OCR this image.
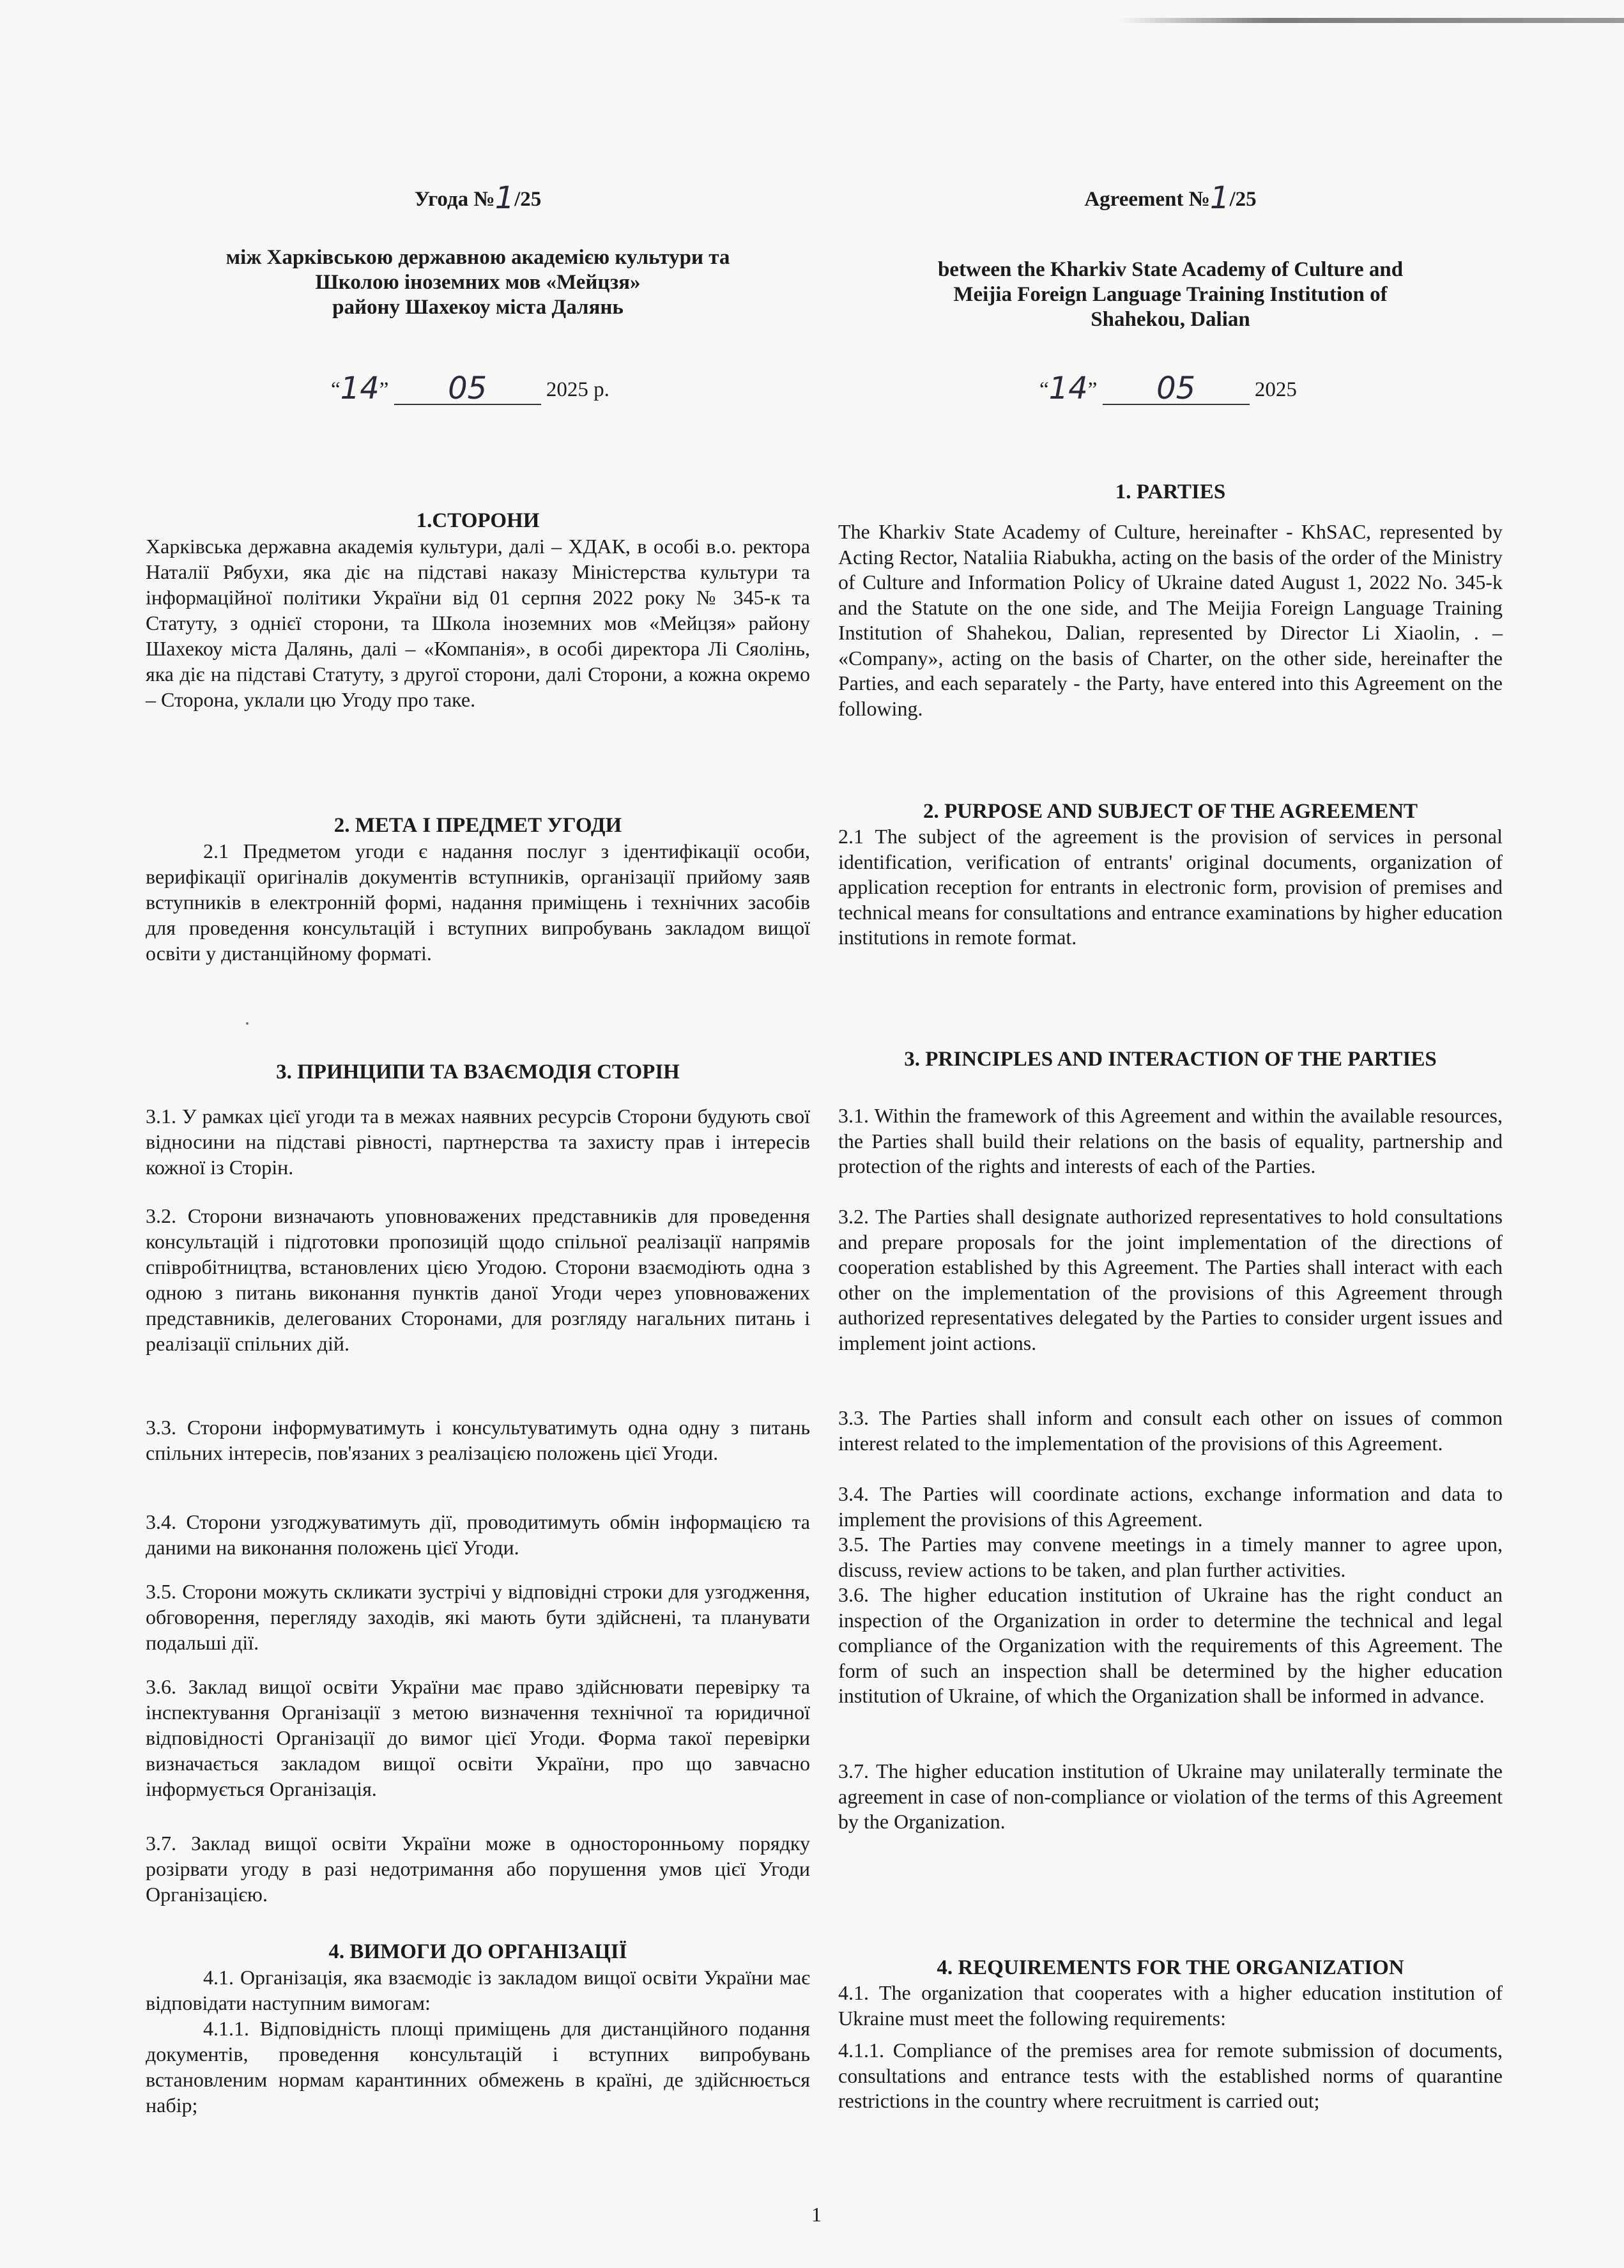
Угода №1/25
між Харківською державною академією культури та
Школою іноземних мов «Мейцзя»
району Шахекоу міста Далянь
“14” 05	2025 р.
1.СТОРОНИ

Харківська державна академія культури, далі – ХДАК, в особі в.о. ректора Наталії Рябухи, яка діє на підставі наказу Міністерства культури та інформаційної політики України від 01 серпня 2022 року № 345-к та Статуту, з однієї сторони, та Школа іноземних мов «Мейцзя» району Шахекоу міста Далянь, далі – «Компанія», в особі директора Лі Сяолінь, яка діє на підставі Статуту, з другої сторони, далі Сторони, а кожна окремо – Сторона, уклали цю Угоду про таке.

2. МЕТА І ПРЕДМЕТ УГОДИ

2.1 Предметом угоди є надання послуг з ідентифікації особи, верифікації оригіналів документів вступників, організації прийому заяв вступників в електронній формі, надання приміщень і технічних засобів для проведення консультацій і вступних випробувань закладом вищої освіти у дистанційному форматі.

3. ПРИНЦИПИ ТА ВЗАЄМОДІЯ СТОРІН

3.1. У рамках цієї угоди та в межах наявних ресурсів Сторони будують свої відносини на підставі рівності, партнерства та захисту прав і інтересів кожної із Сторін.

3.2. Сторони визначають уповноважених представників для проведення консультацій і підготовки пропозицій щодо спільної реалізації напрямів співробітництва, встановлених цією Угодою. Сторони взаємодіють одна з одною з питань виконання пунктів даної Угоди через уповноважених представників, делегованих Сторонами, для розгляду нагальних питань і реалізації спільних дій.

3.3. Сторони інформуватимуть і консультуватимуть одна одну з питань спільних інтересів, пов'язаних з реалізацією положень цієї Угоди.

3.4. Сторони узгоджуватимуть дії, проводитимуть обмін інформацією та даними на виконання положень цієї Угоди.

3.5. Сторони можуть скликати зустрічі у відповідні строки для узгодження, обговорення, перегляду заходів, які мають бути здійснені, та планувати подальші дії.

3.6. Заклад вищої освіти України має право здійснювати перевірку та інспектування Організації з метою визначення технічної та юридичної відповідності Організації до вимог цієї Угоди. Форма такої перевірки визначається закладом вищої освіти України, про що завчасно інформується Організація.

3.7. Заклад вищої освіти України може в односторонньому порядку розірвати угоду в разі недотримання або порушення умов цієї Угоди Організацією.

4. ВИМОГИ ДО ОРГАНІЗАЦІЇ

4.1. Організація, яка взаємодіє із закладом вищої освіти України має відповідати наступним вимогам:

4.1.1. Відповідність площі приміщень для дистанційного подання документів, проведення консультацій і вступних випробувань встановленим нормам карантинних обмежень в країні, де здійснюється набір;

Agreement №1/25
between the Kharkiv State Academy of Culture and
Meijia Foreign Language Training Institution of
Shahekou, Dalian
“14” 05	2025
1. PARTIES

The Kharkiv State Academy of Culture, hereinafter - KhSAC, represented by Acting Rector, Nataliia Riabukha, acting on the basis of the order of the Ministry of Culture and Information Policy of Ukraine dated August 1, 2022 No. 345-k and the Statute on the one side, and The Meijia Foreign Language Training Institution of Shahekou, Dalian, represented by Director Li Xiaolin, . – «Company», acting on the basis of Charter, on the other side, hereinafter the Parties, and each separately - the Party, have entered into this Agreement on the following.

2. PURPOSE AND SUBJECT OF THE AGREEMENT

2.1 The subject of the agreement is the provision of services in personal identification, verification of entrants' original documents, organization of application reception for entrants in electronic form, provision of premises and technical means for consultations and entrance examinations by higher education institutions in remote format.

3. PRINCIPLES AND INTERACTION OF THE PARTIES

3.1. Within the framework of this Agreement and within the available resources, the Parties shall build their relations on the basis of equality, partnership and protection of the rights and interests of each of the Parties.

3.2. The Parties shall designate authorized representatives to hold consultations and prepare proposals for the joint implementation of the directions of cooperation established by this Agreement. The Parties shall interact with each other on the implementation of the provisions of this Agreement through authorized representatives delegated by the Parties to consider urgent issues and implement joint actions.

3.3. The Parties shall inform and consult each other on issues of common interest related to the implementation of the provisions of this Agreement.

3.4. The Parties will coordinate actions, exchange information and data to implement the provisions of this Agreement.

3.5. The Parties may convene meetings in a timely manner to agree upon, discuss, review actions to be taken, and plan further activities.

3.6. The higher education institution of Ukraine has the right conduct an inspection of the Organization in order to determine the technical and legal compliance of the Organization with the requirements of this Agreement. The form of such an inspection shall be determined by the higher education institution of Ukraine, of which the Organization shall be informed in advance.

3.7. The higher education institution of Ukraine may unilaterally terminate the agreement in case of non-compliance or violation of the terms of this Agreement by the Organization.

4. REQUIREMENTS FOR THE ORGANIZATION

4.1. The organization that cooperates with a higher education institution of Ukraine must meet the following requirements:

4.1.1. Compliance of the premises area for remote submission of documents, consultations and entrance tests with the established norms of quarantine restrictions in the country where recruitment is carried out;

1
